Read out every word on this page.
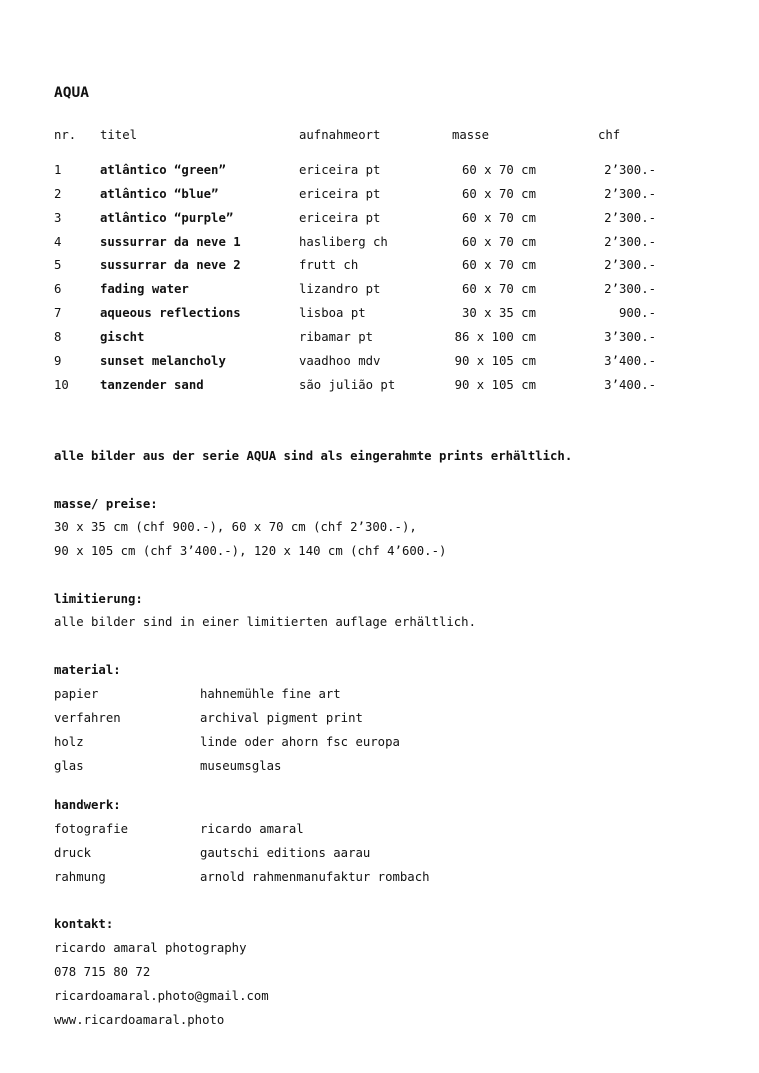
AQUA
nr. titel	aufnahmeort	masse	chf
1	atlântico “green”	ericeira pt	60 x 70 cm	2’300.-
2	atlântico “blue”	ericeira pt	60 x 70 cm	2’300.-
3	atlântico “purple”	ericeira pt	60 x 70 cm	2’300.-
4	sussurrar da neve 1	hasliberg ch	60 x 70 cm	2’300.-
5	sussurrar da neve 2	frutt ch	60 x 70 cm	2’300.-
6	fading water	lizandro pt	60 x 70 cm	2’300.-
7	aqueous reflections	lisboa pt	30 x 35 cm	900.-
8	gischt	ribamar pt	86 x 100 cm	3’300.-
9	sunset melancholy	vaadhoo mdv	90 x 105 cm	3’400.-
10	tanzender sand	são julião pt	90 x 105 cm	3’400.-
alle bilder aus der serie AQUA sind als eingerahmte prints erhältlich.
masse/ preise:
30 x 35 cm (chf 900.-), 60 x 70 cm (chf 2’300.-),
90 x 105 cm (chf 3’400.-), 120 x 140 cm (chf 4’600.-)
limitierung:
alle bilder sind in einer limitierten auflage erhältlich.
material:
papier	hahnemühle fine art
verfahren	archival pigment print
holz	linde oder ahorn fsc europa
glas	museumsglas
handwerk:
fotografie	ricardo amaral
druck	gautschi editions aarau
rahmung	arnold rahmenmanufaktur rombach
kontakt:
ricardo amaral photography
078 715 80 72
ricardoamaral.photo@gmail.com
www.ricardoamaral.photo
